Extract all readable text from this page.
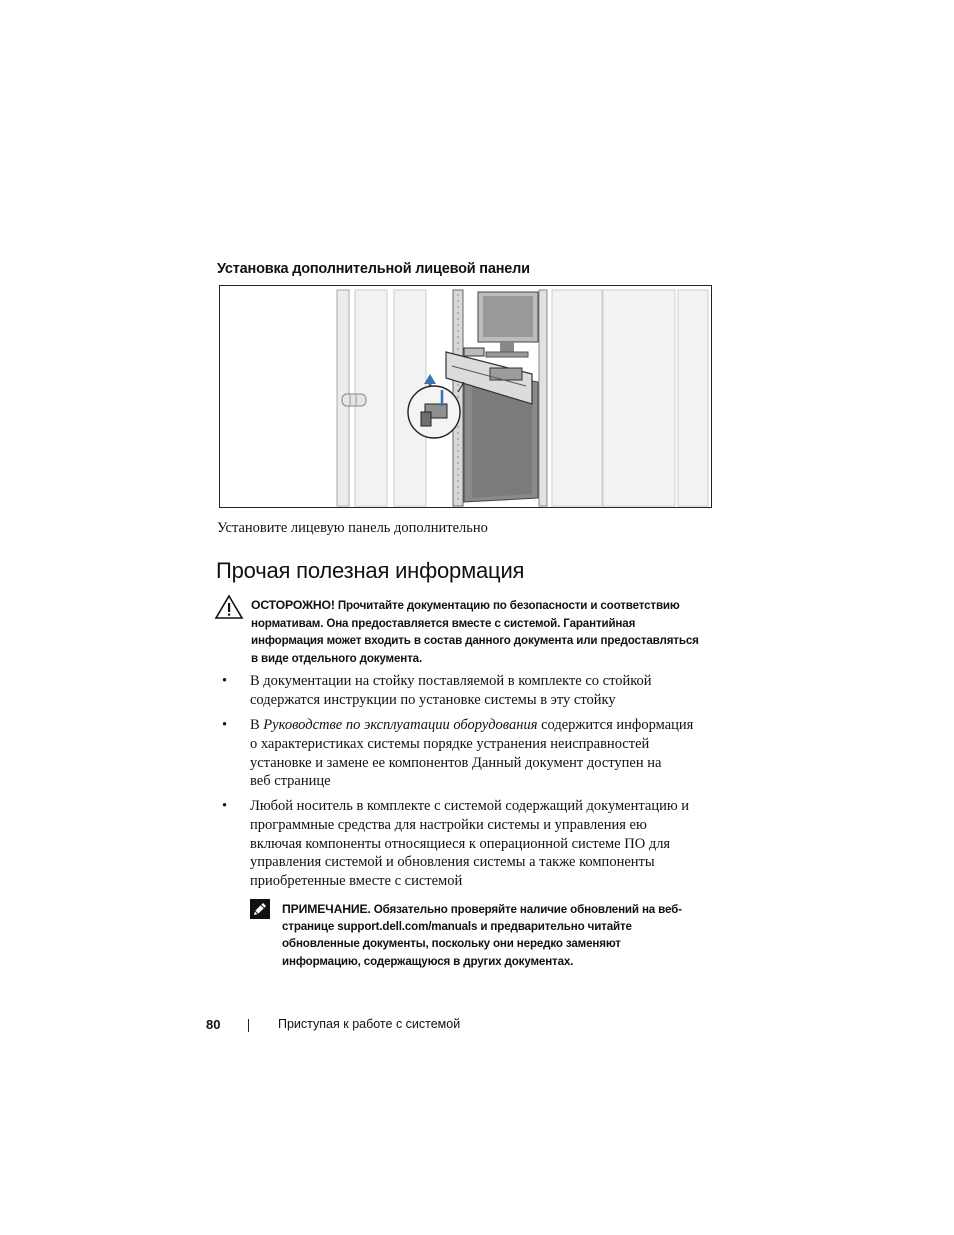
Установка дополнительной лицевой панели
Установите лицевую панель дополнительно
Прочая полезная информация
ОСТОРОЖНО! Прочитайте документацию по безопасности и соответствию
нормативам. Она предоставляется вместе с системой. Гарантийная
информация может входить в состав данного документа или предоставляться
в виде отдельного документа.
• В документации на стойку поставляемой в комплекте со стойкой
содержатся инструкции по установке системы в эту стойку
• В Руководстве по эксплуатации оборудования содержится информация
о характеристиках системы порядке устранения неисправностей
установке и замене ее компонентов Данный документ доступен на
веб странице
• Любой носитель в комплекте с системой содержащий документацию и
программные средства для настройки системы и управления ею
включая компоненты относящиеся к операционной системе ПО для
управления системой и обновления системы а также компоненты
приобретенные вместе с системой
ПРИМЕЧАНИЕ. Обязательно проверяйте наличие обновлений на веб-
странице support.dell.com/manuals и предварительно читайте
обновленные документы, поскольку они нередко заменяют
информацию, содержащуюся в других документах.
80	Приступая к работе с системой
